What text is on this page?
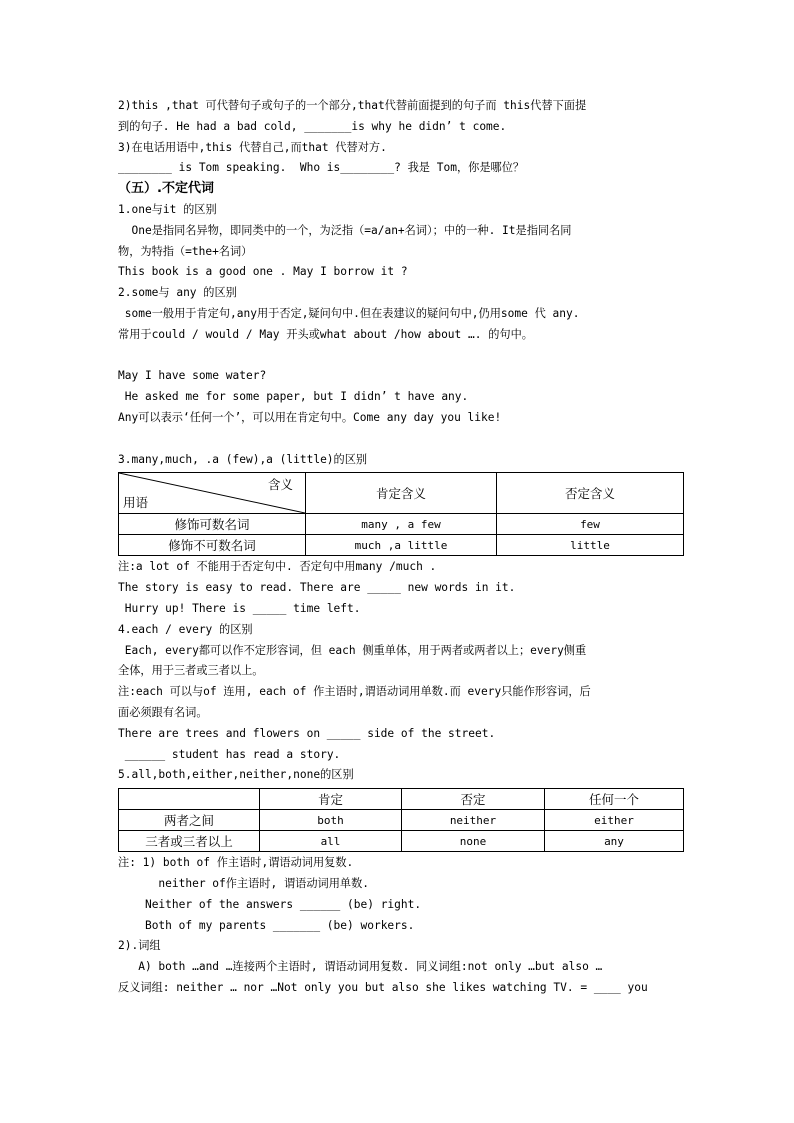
2)this ,that 可代替句子或句子的一个部分,that代替前面提到的句子而 this代替下面提

到的句子. He had a bad cold, _______is why he didn’ t come.

3)在电话用语中,this 代替自己,而that 代替对方.

________ is Tom speaking.  Who is________? 我是 Tom，你是哪位？

（五）.不定代词

1.one与it 的区别

One是指同名异物，即同类中的一个，为泛指（=a/an+名词）；中的一种. It是指同名同

物，为特指（=the+名词）

This book is a good one . May I borrow it ?

2.some与 any 的区别

some一般用于肯定句,any用于否定,疑问句中.但在表建议的疑问句中,仍用some 代 any.

常用于could / would / May 开头或what about /how about …. 的句中。

May I have some water?

He asked me for some paper, but I didn’ t have any.

Any可以表示‘任何一个’，可以用在肯定句中。Come any day you like!

3.many,much, .a (few),a (little)的区别

含义
用语	肯定含义	否定含义
修饰可数名词	many , a few	few
修饰不可数名词	much ,a little	little

注:a lot of 不能用于否定句中. 否定句中用many /much .

The story is easy to read. There are _____ new words in it.

Hurry up! There is _____ time left.

4.each / every 的区别

Each, every都可以作不定形容词，但 each 侧重单体，用于两者或两者以上；every侧重

全体，用于三者或三者以上。

注:each 可以与of 连用, each of 作主语时,谓语动词用单数.而 every只能作形容词，后

面必须跟有名词。

There are trees and flowers on _____ side of the street.

______ student has read a story.

5.all,both,either,neither,none的区别

	肯定	否定	任何一个
两者之间	both	neither	either
三者或三者以上	all	none	any

注: 1) both of 作主语时,谓语动词用复数.

neither of作主语时, 谓语动词用单数.

Neither of the answers ______ (be) right.

Both of my parents _______ (be) workers.

2).词组

A) both …and …连接两个主语时, 谓语动词用复数. 同义词组:not only …but also …

反义词组: neither … nor …Not only you but also she likes watching TV. = ____ you
